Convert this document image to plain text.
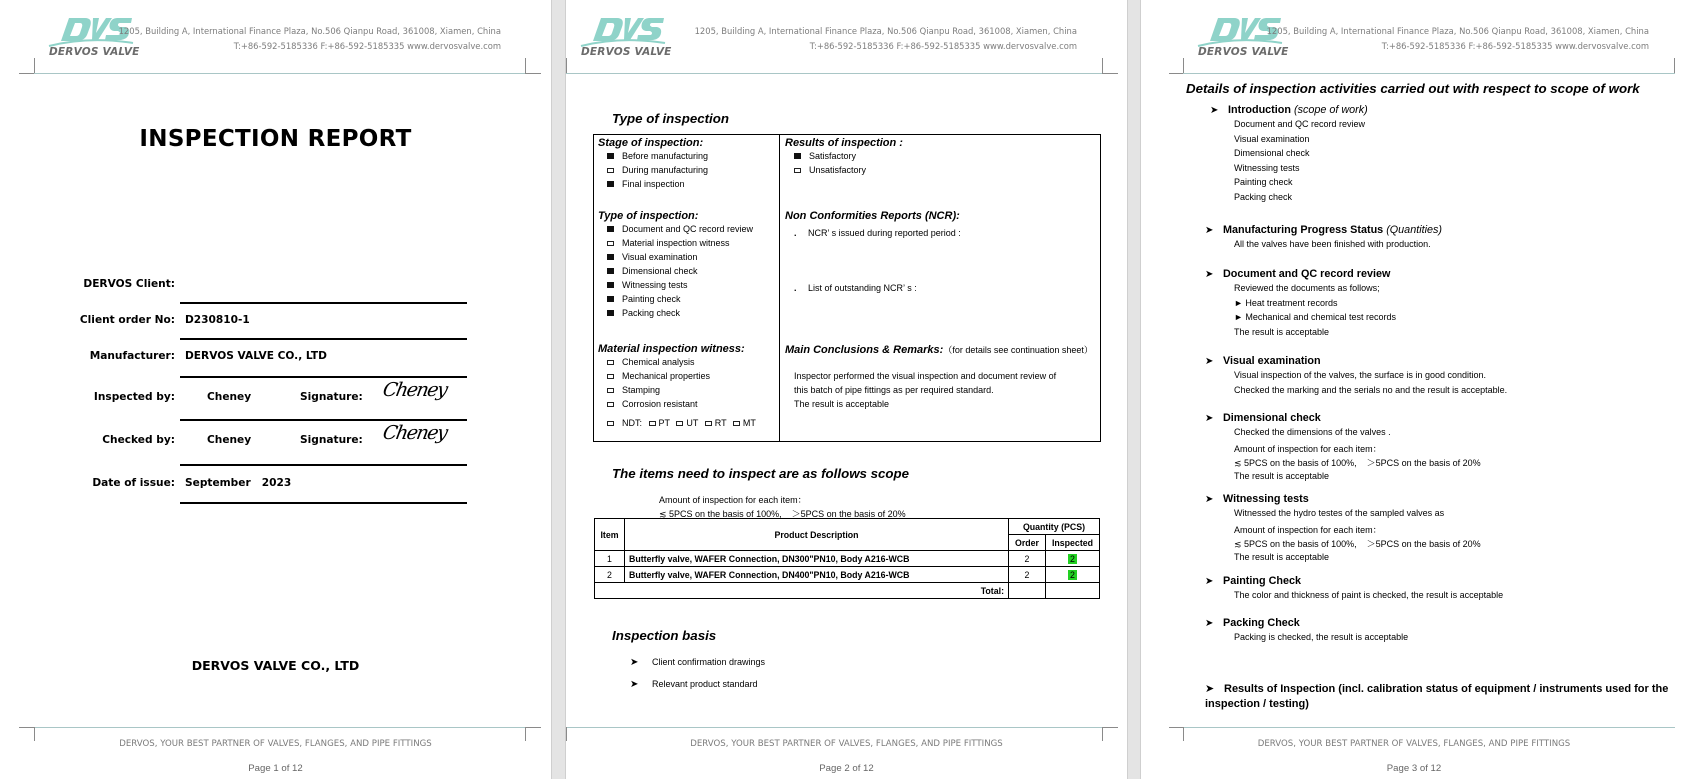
DERVOS VALVE
1205, Building A, International Finance Plaza, No.506 Qianpu Road, 361008, Xiamen, China
T:+86-592-5185336 F:+86-592-5185335 www.dervosvalve.com
INSPECTION REPORT
DERVOS Client:
Client order No: D230810-1
Manufacturer: DERVOS VALVE CO., LTD
Inspected by:	Cheney	Signature: Cheney
Checked by:	Cheney	Signature: Cheney
Date of issue: September   2023
DERVOS VALVE CO., LTD
DERVOS, YOUR BEST PARTNER OF VALVES, FLANGES, AND PIPE FITTINGS
Page 1 of 12
DERVOS VALVE
1205, Building A, International Finance Plaza, No.506 Qianpu Road, 361008, Xiamen, China
T:+86-592-5185336 F:+86-592-5185335 www.dervosvalve.com
Type of inspection
Stage of inspection:
Before manufacturing
During manufacturing
Final inspection
Type of inspection:
Document and QC record review
Material inspection witness
Visual examination
Dimensional check
Witnessing tests
Painting check
Packing check
Material inspection witness:
Chemical analysis
Mechanical properties
Stamping
Corrosion resistant
NDT: PT UT RT MT
Results of inspection :
Satisfactory
Unsatisfactory
Non Conformities Reports (NCR):
. NCR’ s issued during reported period :
. List of outstanding NCR’ s :
Main Conclusions & Remarks:（for details see continuation sheet）
Inspector performed the visual inspection and document review of
this batch of pipe fittings as per required standard.
The result is acceptable
The items need to inspect are as follows scope
Amount of inspection for each item：
≲ 5PCS on the basis of 100%,    ＞5PCS on the basis of 20%
Item	Product Description	Quantity (PCS)	
		Order	Inspected
1	Butterfly valve, WAFER Connection, DN300"PN10, Body A216-WCB	2	2
2	Butterfly valve, WAFER Connection, DN400"PN10, Body A216-WCB	2	2
Total:			
Inspection basis
➤ Client confirmation drawings
➤ Relevant product standard
DERVOS, YOUR BEST PARTNER OF VALVES, FLANGES, AND PIPE FITTINGS
Page 2 of 12
DERVOS VALVE
1205, Building A, International Finance Plaza, No.506 Qianpu Road, 361008, Xiamen, China
T:+86-592-5185336 F:+86-592-5185335 www.dervosvalve.com
Details of inspection activities carried out with respect to scope of work
➤ Introduction (scope of work)
Document and QC record review
Visual examination
Dimensional check
Witnessing tests
Painting check
Packing check
➤ Manufacturing Progress Status (Quantities)
All the valves have been finished with production.
➤ Document and QC record review
Reviewed the documents as follows;
► Heat treatment records
► Mechanical and chemical test records
The result is acceptable
➤ Visual examination
Visual inspection of the valves, the surface is in good condition.
Checked the marking and the serials no and the result is acceptable.
➤ Dimensional check
Checked the dimensions of the valves .
Amount of inspection for each item：
≲ 5PCS on the basis of 100%,    ＞5PCS on the basis of 20%
The result is acceptable
➤ Witnessing tests
Witnessed the hydro testes of the sampled valves as
Amount of inspection for each item：
≲ 5PCS on the basis of 100%,    ＞5PCS on the basis of 20%
The result is acceptable
➤ Painting Check
The color and thickness of paint is checked, the result is acceptable
➤ Packing Check
Packing is checked, the result is acceptable
➤ Results of Inspection (incl. calibration status of equipment / instruments used for the inspection / testing)
DERVOS, YOUR BEST PARTNER OF VALVES, FLANGES, AND PIPE FITTINGS
Page 3 of 12
